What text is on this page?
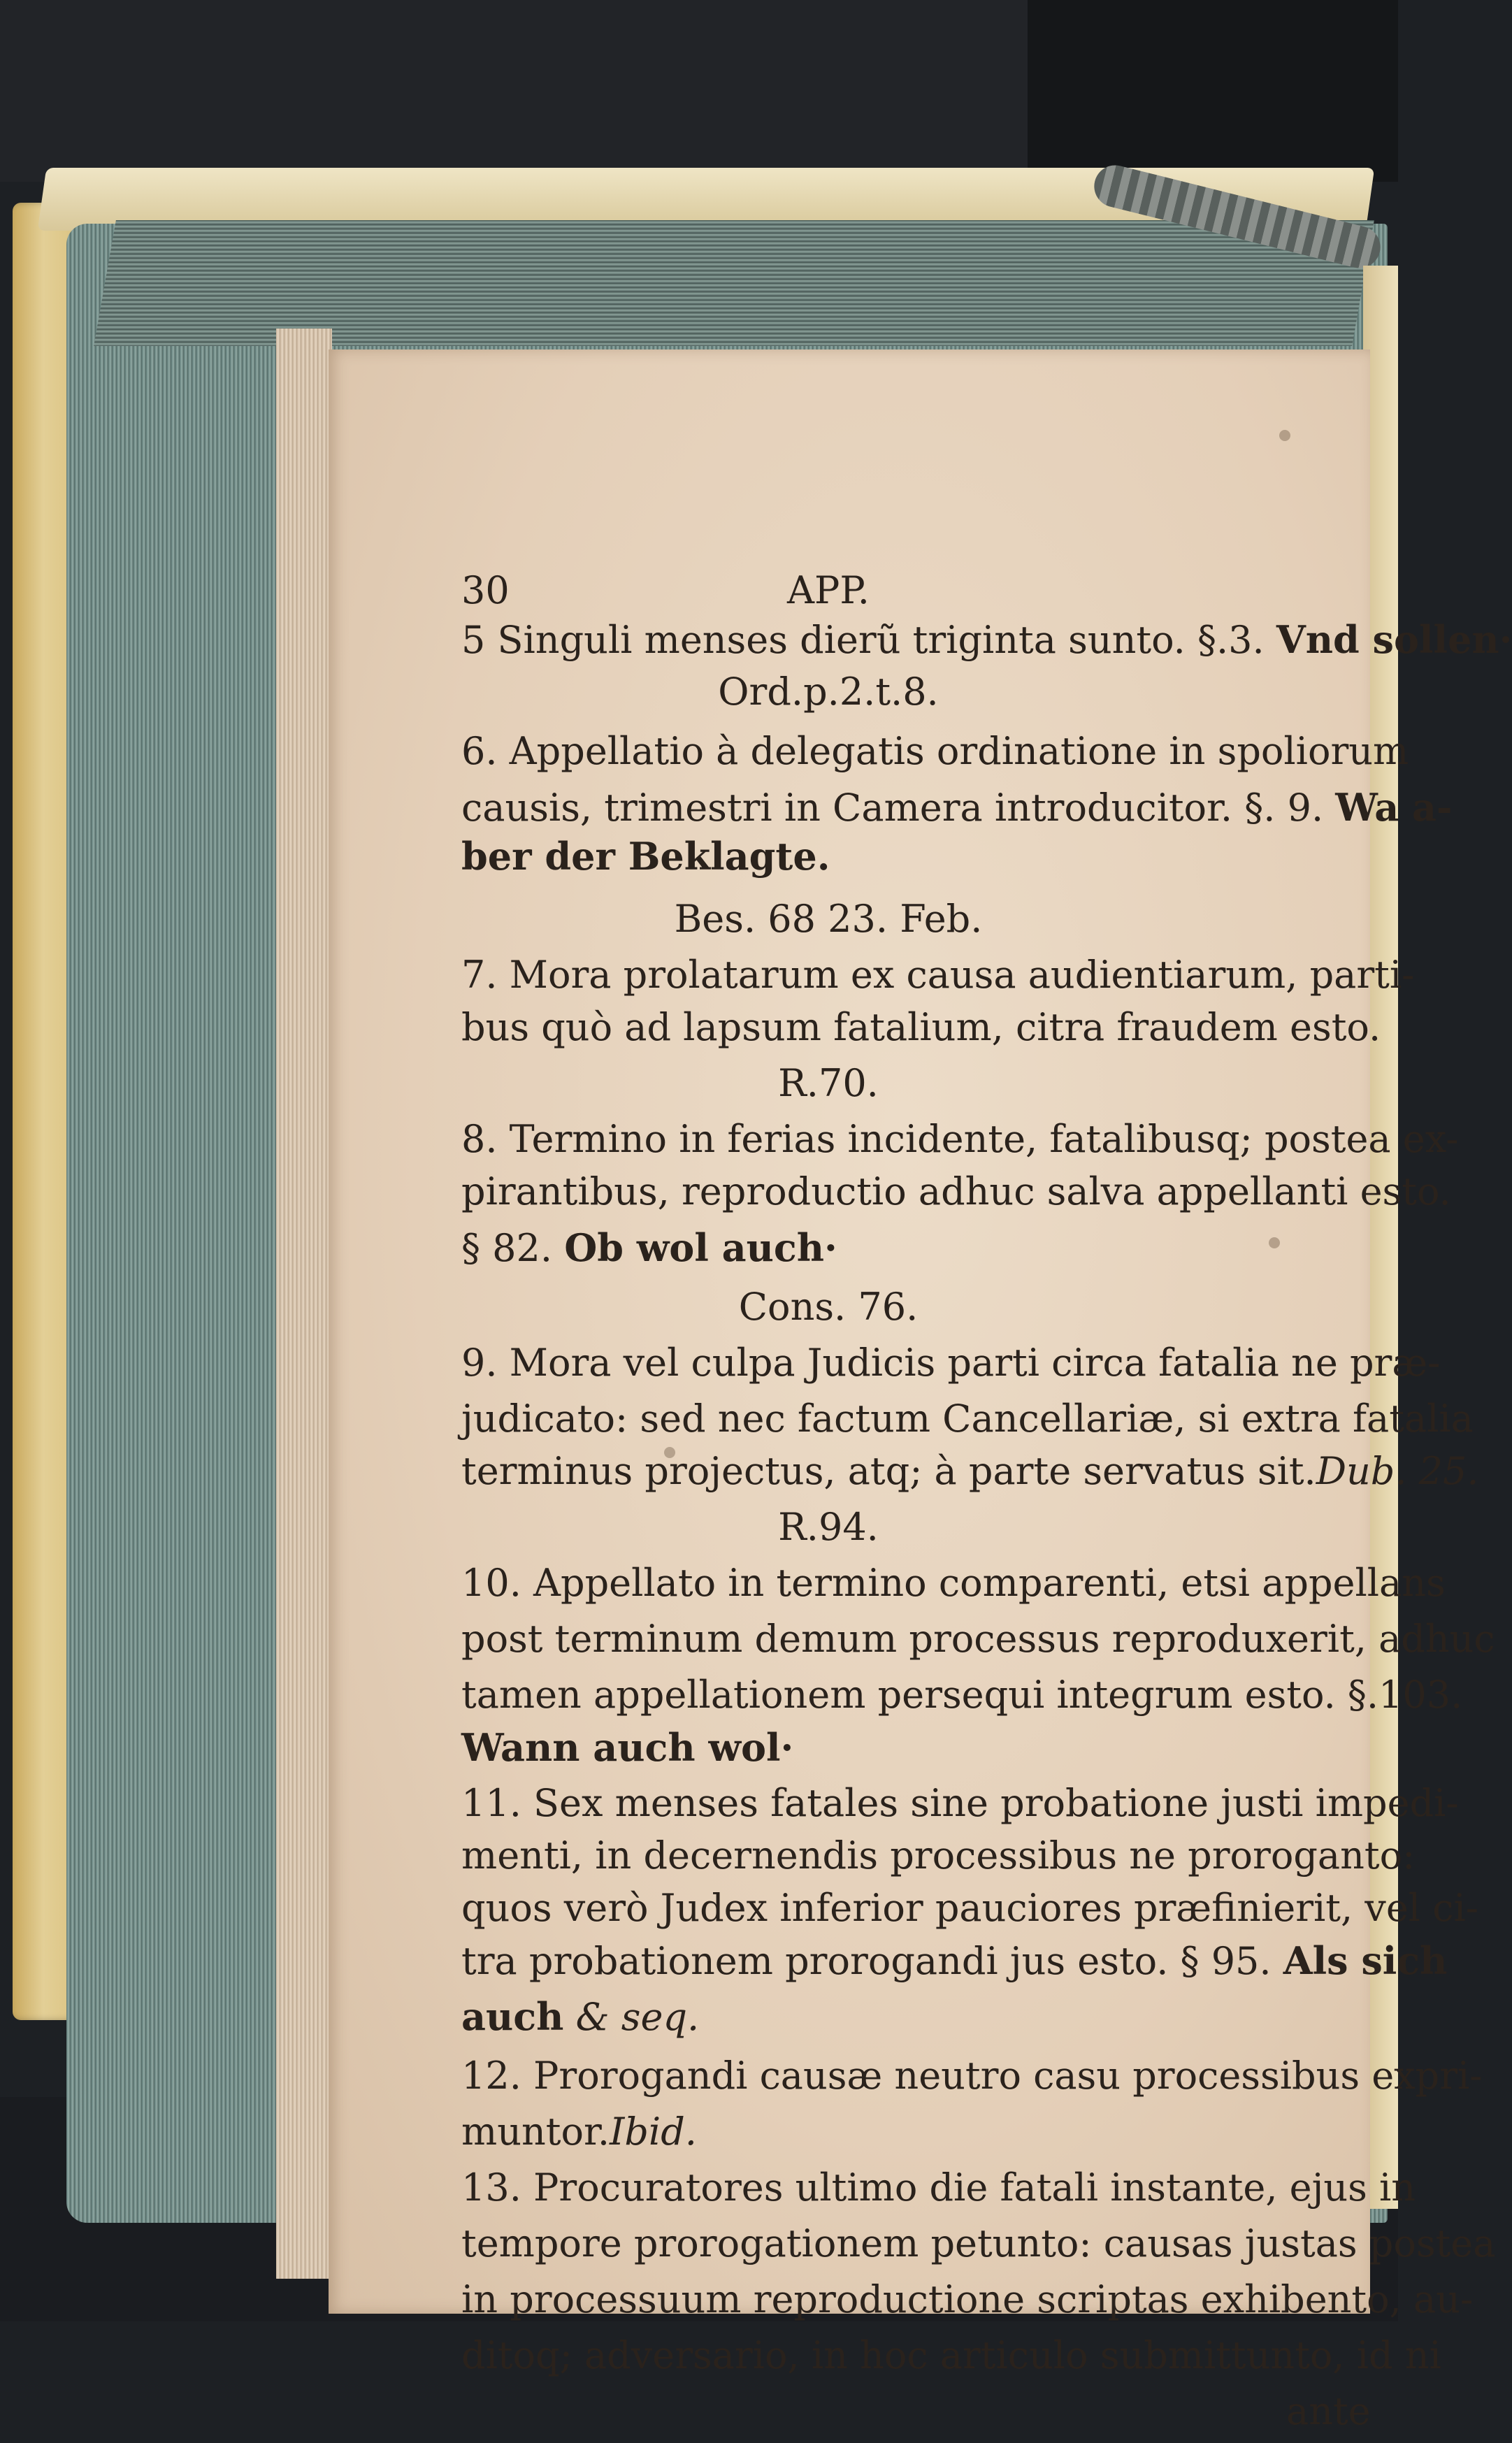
30	APP.
5 Singuli menses dierũ triginta sunto. §.3. Vnd sollen·
Ord.p.2.t.8.
6. Appellatio à delegatis ordinatione in spoliorum
causis, trimestri in Camera introducitor. §. 9. Wa a-
ber der Beklagte.
Bes. 68 23. Feb.
7. Mora prolatarum ex causa audientiarum, parti-
bus quò ad lapsum fatalium, citra fraudem esto.
R.70.
8. Termino in ferias incidente, fatalibusq; postea ex-
pirantibus, reproductio adhuc salva appellanti esto.
§ 82. Ob wol auch·
Cons. 76.
9. Mora vel culpa Judicis parti circa fatalia ne præ-
judicato: sed nec factum Cancellariæ, si extra fatalia
terminus projectus, atq; à parte servatus sit.Dub. 25.
R.94.
10. Appellato in termino comparenti, etsi appellans
post terminum demum processus reproduxerit, adhuc
tamen appellationem persequi integrum esto. §.103.
Wann auch wol·
11. Sex menses fatales sine probatione justi impedi-
menti, in decernendis processibus ne proroganto:
quos verò Judex inferior pauciores præfinierit, vel ci-
tra probationem prorogandi jus esto. § 95. Als sich
auch & seq.
12. Prorogandi causæ neutro casu processibus expri-
muntor.Ibid.
13. Procuratores ultimo die fatali instante, ejus in
tempore prorogationem petunto: causas justas postea
in processuum reproductione scriptas exhibento, au-
ditoq; adversario, in hoc articulo submittunto, id ni
ante
